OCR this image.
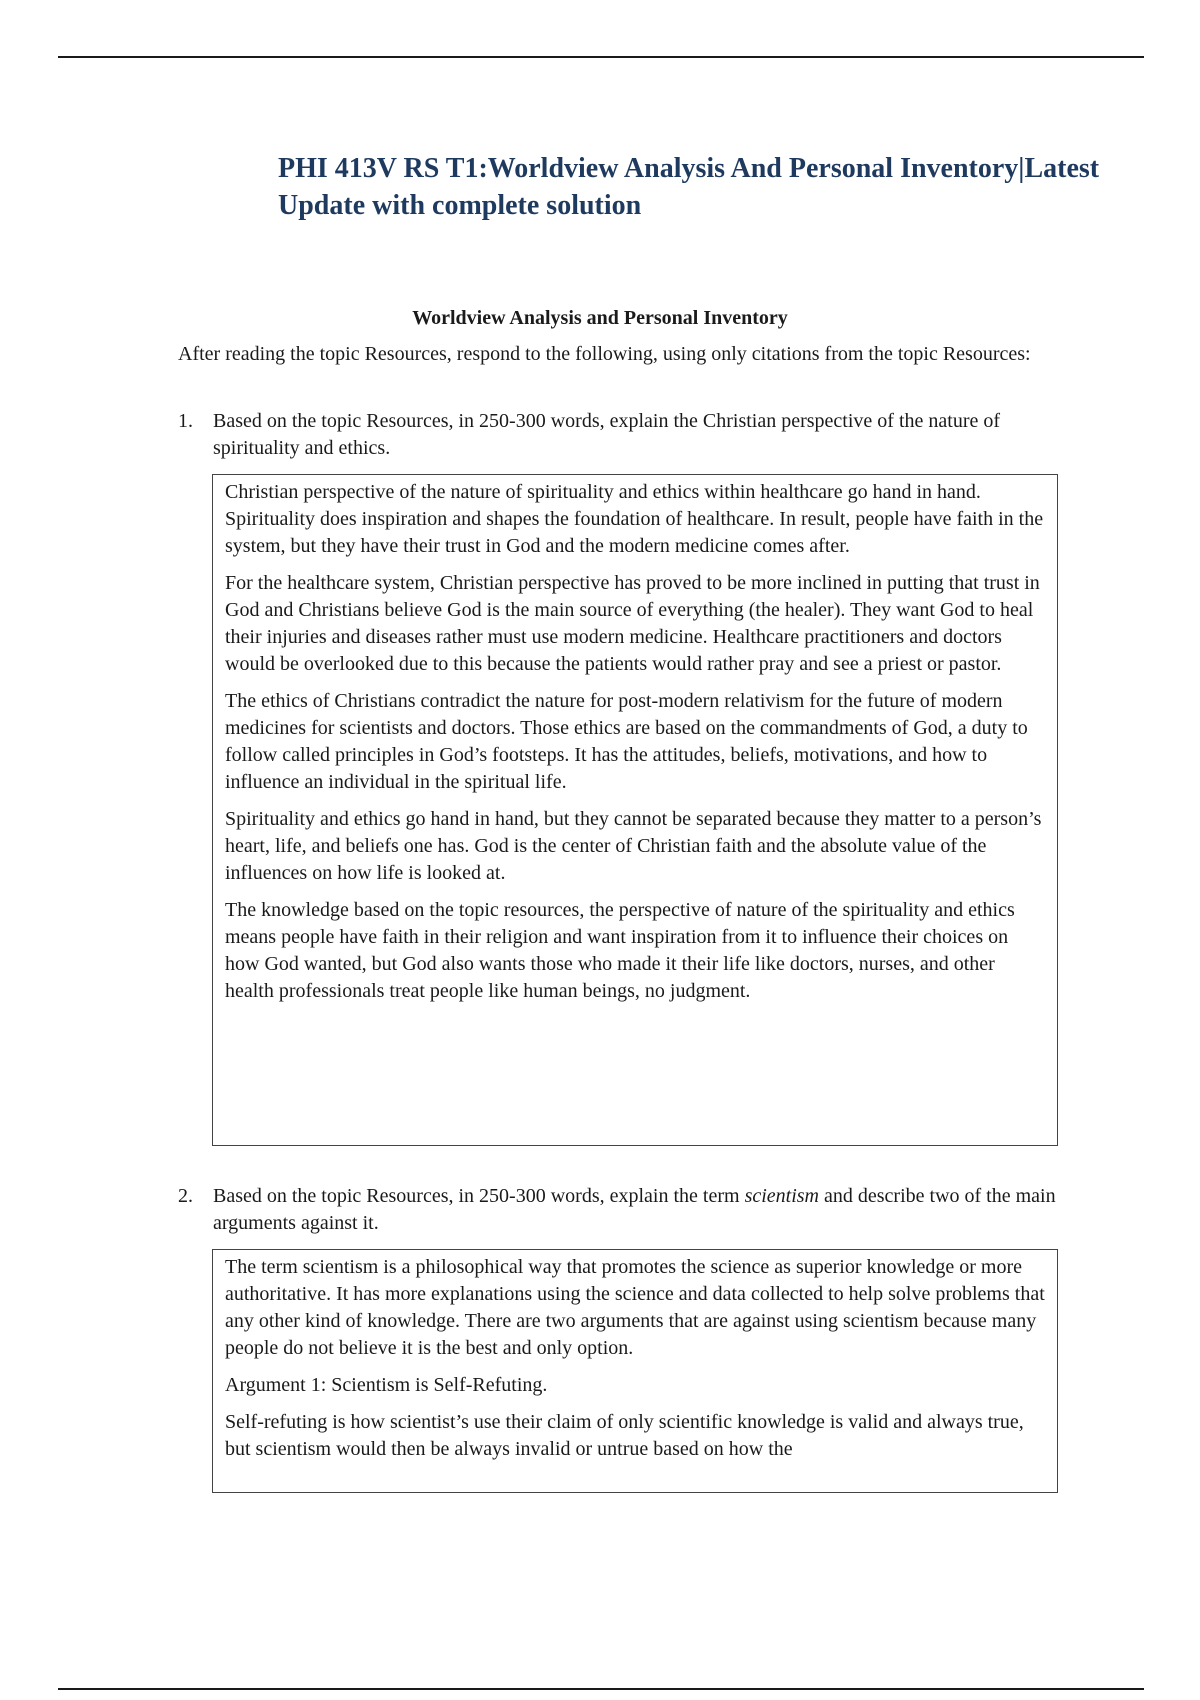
PHI 413V RS T1:Worldview Analysis And Personal Inventory|Latest Update with complete solution
Worldview Analysis and Personal Inventory
After reading the topic Resources, respond to the following, using only citations from the topic Resources:
1. Based on the topic Resources, in 250-300 words, explain the Christian perspective of the nature of spirituality and ethics.

Christian perspective of the nature of spirituality and ethics within healthcare go hand in hand. Spirituality does inspiration and shapes the foundation of healthcare. In result, people have faith in the system, but they have their trust in God and the modern medicine comes after.

For the healthcare system, Christian perspective has proved to be more inclined in putting that trust in God and Christians believe God is the main source of everything (the healer). They want God to heal their injuries and diseases rather must use modern medicine. Healthcare practitioners and doctors would be overlooked due to this because the patients would rather pray and see a priest or pastor.

The ethics of Christians contradict the nature for post-modern relativism for the future of modern medicines for scientists and doctors. Those ethics are based on the commandments of God, a duty to follow called principles in God’s footsteps. It has the attitudes, beliefs, motivations, and how to influence an individual in the spiritual life.

Spirituality and ethics go hand in hand, but they cannot be separated because they matter to a person’s heart, life, and beliefs one has. God is the center of Christian faith and the absolute value of the influences on how life is looked at.

The knowledge based on the topic resources, the perspective of nature of the spirituality and ethics means people have faith in their religion and want inspiration from it to influence their choices on how God wanted, but God also wants those who made it their life like doctors, nurses, and other health professionals treat people like human beings, no judgment.

2. Based on the topic Resources, in 250-300 words, explain the term scientism and describe two of the main arguments against it.

The term scientism is a philosophical way that promotes the science as superior knowledge or more authoritative. It has more explanations using the science and data collected to help solve problems that any other kind of knowledge. There are two arguments that are against using scientism because many people do not believe it is the best and only option.

Argument 1: Scientism is Self-Refuting.

Self-refuting is how scientist’s use their claim of only scientific knowledge is valid and always true, but scientism would then be always invalid or untrue based on how the
